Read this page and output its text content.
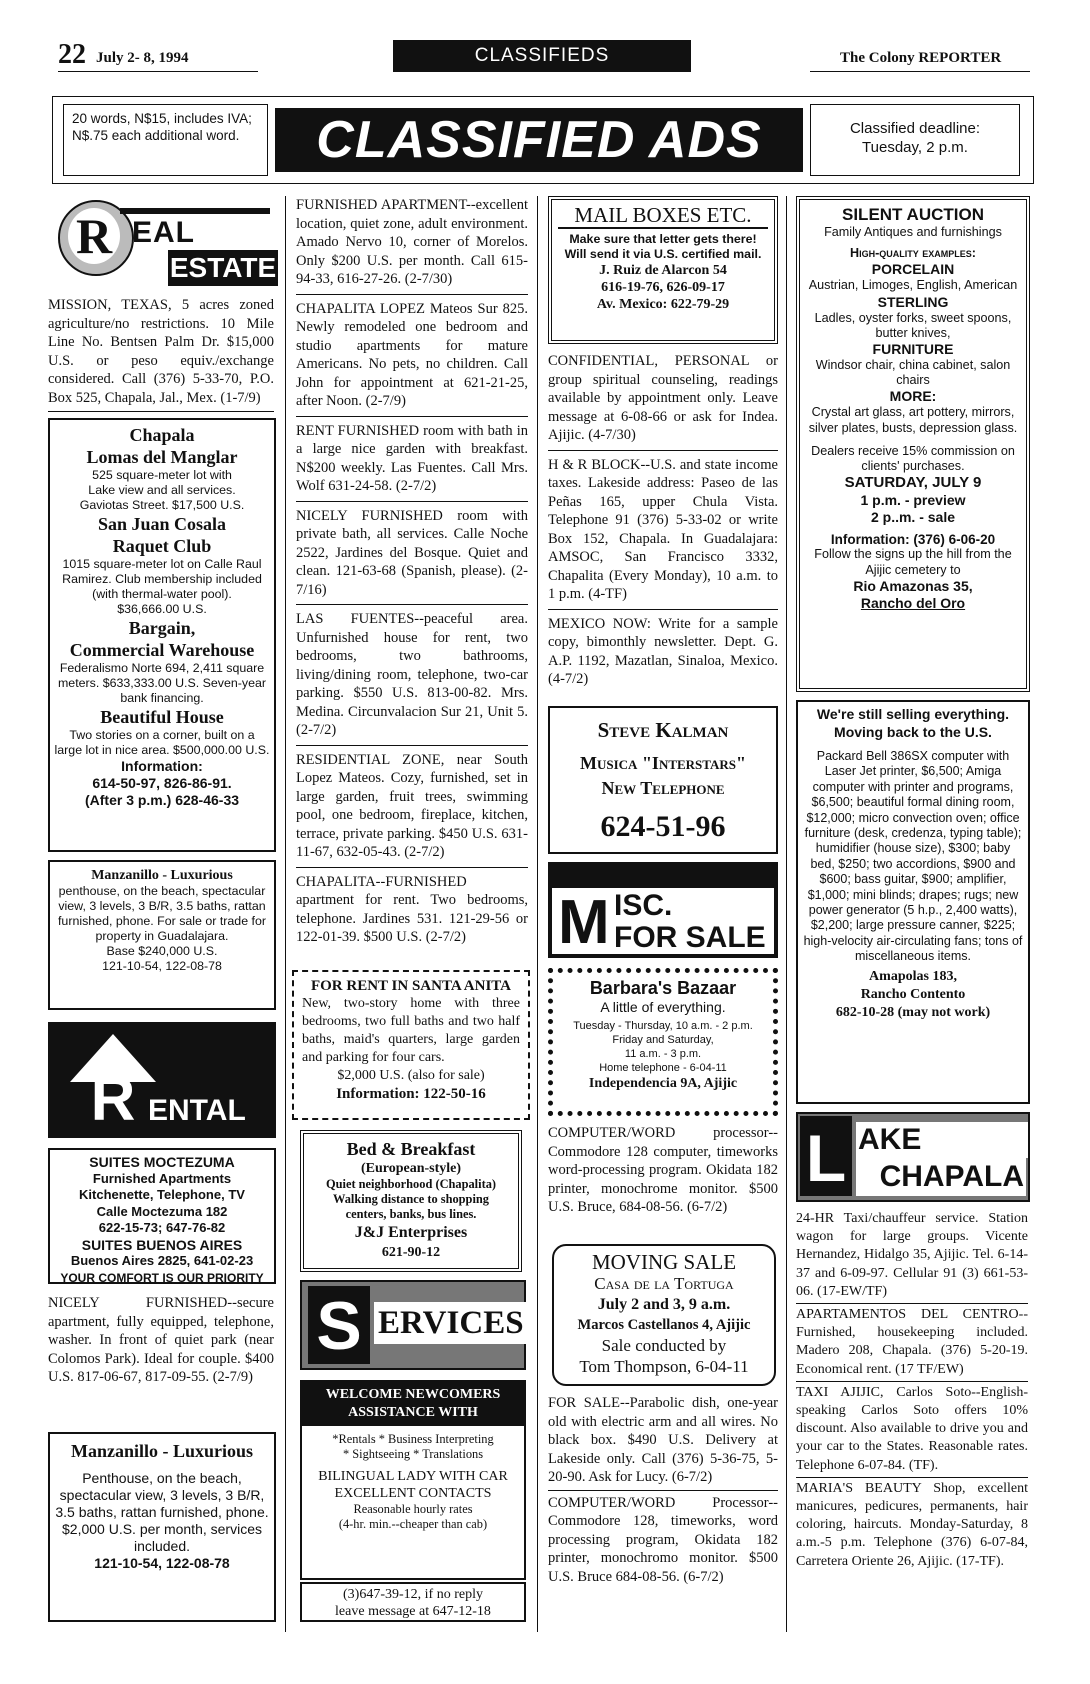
22 July 2- 8, 1994	CLASSIFIEDS	The Colony REPORTER
20 words, N$15, includes IVA; N$.75 each additional word.	CLASSIFIED ADS	Classified deadline:
Tuesday, 2 p.m.
R EAL
ESTATE
MISSION, TEXAS, 5 acres zoned agriculture/no restrictions. 10 Mile Line No. Bentsen Palm Dr. $15,000 U.S. or peso equiv./exchange considered. Call (376) 5-33-70, P.O. Box 525, Chapala, Jal., Mex. (1-7/9)
Chapala
Lomas del Manglar
525 square-meter lot with
Lake view and all services.
Gaviotas Street. $17,500 U.S.
San Juan Cosala
Raquet Club
1015 square-meter lot on Calle Raul Ramirez. Club membership included (with thermal-water pool).
$36,666.00 U.S.
Bargain,
Commercial Warehouse
Federalismo Norte 694, 2,411 square meters. $633,333.00 U.S. Seven-year bank financing.
Beautiful House
Two stories on a corner, built on a large lot in nice area. $500,000.00 U.S.
Information:
614-50-97, 826-86-91.
(After 3 p.m.) 628-46-33
Manzanillo - Luxurious
penthouse, on the beach, spectacular view, 3 levels, 3 B/R, 3.5 baths, rattan furnished, phone. For sale or trade for property in Guadalajara.
Base $240,000 U.S.
121-10-54, 122-08-78
R ENTAL
SUITES MOCTEZUMA
Furnished Apartments
Kitchenette, Telephone, TV
Calle Moctezuma 182
622-15-73; 647-76-82
SUITES BUENOS AIRES
Buenos Aires 2825, 641-02-23
YOUR COMFORT IS OUR PRIORITY
NICELY FURNISHED--secure apartment, fully equipped, telephone, washer. In front of quiet park (near Colomos Park). Ideal for couple. $400 U.S. 817-06-67, 817-09-55. (2-7/9)
Manzanillo - Luxurious
Penthouse, on the beach, spectacular view, 3 levels, 3 B/R, 3.5 baths, rattan furnished, phone. $2,000 U.S. per month, services included.
121-10-54, 122-08-78

FURNISHED APARTMENT--excellent location, quiet zone, adult environment. Amado Nervo 10, corner of Morelos. Only $200 U.S. per month. Call 615-94-33, 616-27-26. (2-7/30)

CHAPALITA LOPEZ Mateos Sur 825. Newly remodeled one bedroom and studio apartments for mature Americans. No pets, no children. Call John for appointment at 621-21-25, after Noon. (2-7/9)

RENT FURNISHED room with bath in a large nice garden with breakfast. N$200 weekly. Las Fuentes. Call Mrs. Wolf 631-24-58. (2-7/2)

NICELY FURNISHED room with private bath, all services. Calle Noche 2522, Jardines del Bosque. Quiet and clean. 121-63-68 (Spanish, please). (2-7/16)

LAS FUENTES--peaceful area. Unfurnished house for rent, two bedrooms, two bathrooms, living/dining room, telephone, two-car parking. $550 U.S. 813-00-82. Mrs. Medina. Circunvalacion Sur 21, Unit 5. (2-7/2)

RESIDENTIAL ZONE, near South Lopez Mateos. Cozy, furnished, set in large garden, fruit trees, swimming pool, one bedroom, fireplace, kitchen, terrace, private parking. $450 U.S. 631-11-67, 632-05-43. (2-7/2)

CHAPALITA--FURNISHED apartment for rent. Two bedrooms, telephone. Jardines 531. 121-29-56 or 122-01-39. $500 U.S. (2-7/2)

FOR RENT IN SANTA ANITA
New, two-story home with three bedrooms, two full baths and two half baths, maid's quarters, large garden and parking for four cars.
$2,000 U.S. (also for sale)
Information: 122-50-16
Bed & Breakfast
(European-style)
Quiet neighborhood (Chapalita)
Walking distance to shopping
centers, banks, bus lines.
J&J Enterprises
621-90-12
S ERVICES
WELCOME NEWCOMERS
ASSISTANCE WITH
*Rentals * Business Interpreting
* Sightseeing * Translations
BILINGUAL LADY WITH CAR
EXCELLENT CONTACTS
Reasonable hourly rates
(4-hr. min.--cheaper than cab)
(3)647-39-12, if no reply
leave message at 647-12-18
MAIL BOXES ETC.
Make sure that letter gets there! Will send it via U.S. certified mail.
J. Ruiz de Alarcon 54
616-19-76, 626-09-17
Av. Mexico: 622-79-29

CONFIDENTIAL, PERSONAL or group spiritual counseling, readings available by appointment only. Leave message at 6-08-66 or ask for Indea. Ajijic. (4-7/30)

H & R BLOCK--U.S. and state income taxes. Lakeside address: Paseo de las Peñas 165, upper Chula Vista. Telephone 91 (376) 5-33-02 or write Box 152, Chapala. In Guadalajara: AMSOC, San Francisco 3332, Chapalita (Every Monday), 10 a.m. to 1 p.m. (4-TF)

MEXICO NOW: Write for a sample copy, bimonthly newsletter. Dept. G. A.P. 1192, Mazatlan, Sinaloa, Mexico. (4-7/2)

Steve Kalman
Musica "Interstars"
New Telephone
624-51-96
M ISC.
FOR SALE
Barbara's Bazaar
A little of everything.
Tuesday - Thursday, 10 a.m. - 2 p.m.
Friday and Saturday,
11 a.m. - 3 p.m.
Home telephone - 6-04-11
Independencia 9A, Ajijic
COMPUTER/WORD processor--Commodore 128 computer, timeworks word-processing program. Okidata 182 printer, monochrome monitor. $500 U.S. Bruce, 684-08-56. (6-7/2)
MOVING SALE
Casa de la Tortuga
July 2 and 3, 9 a.m.
Marcos Castellanos 4, Ajijic
Sale conducted by
Tom Thompson, 6-04-11

FOR SALE--Parabolic dish, one-year old with electric arm and all wires. No black box. $490 U.S. Delivery at Lakeside only. Call (376) 5-36-75, 5-20-90. Ask for Lucy. (6-7/2)

COMPUTER/WORD Processor--Commodore 128, timeworks, word processing program, Okidata 182 printer, monochromo monitor. $500 U.S. Bruce 684-08-56. (6-7/2)

SILENT AUCTION
Family Antiques and furnishings
High-quality examples:
PORCELAIN
Austrian, Limoges, English, American
STERLING
Ladles, oyster forks, sweet spoons, butter knives,
FURNITURE
Windsor chair, china cabinet, salon chairs
MORE:
Crystal art glass, art pottery, mirrors, silver plates, busts, depression glass.
Dealers receive 15% commission on clients' purchases.
SATURDAY, JULY 9
1 p.m. - preview
2 p..m. - sale
Information: (376) 6-06-20
Follow the signs up the hill from the Ajijic cemetery to
Rio Amazonas 35,
Rancho del Oro
We're still selling everything. Moving back to the U.S.
Packard Bell 386SX computer with Laser Jet printer, $6,500; Amiga computer with printer and programs, $6,500; beautiful formal dining room, $12,000; micro convection oven; office furniture (desk, credenza, typing table); humidifier (house size), $300; baby bed, $250; two accordions, $900 and $600; bass guitar, $900; amplifier, $1,000; mini blinds; drapes; rugs; new power generator (5 h.p., 2,400 watts), $2,200; large pressure canner, $225; high-velocity air-circulating fans; tons of miscellaneous items.
Amapolas 183,
Rancho Contento
682-10-28 (may not work)
L AKE
CHAPALA

24-HR Taxi/chauffeur service. Station wagon for large groups. Vicente Hernandez, Hidalgo 35, Ajijic. Tel. 6-14-37 and 6-09-97. Cellular 91 (3) 661-53-06. (17-EW/TF)

APARTAMENTOS DEL CENTRO--Furnished, housekeeping included. Madero 208, Chapala. (376) 5-20-19. Economical rent. (17 TF/EW)

TAXI AJIJIC, Carlos Soto--English-speaking Carlos Soto offers 10% discount. Also available to drive you and your car to the States. Reasonable rates. Telephone 6-07-84. (TF).

MARIA'S BEAUTY Shop, excellent manicures, pedicures, permanents, hair coloring, haircuts. Monday-Saturday, 8 a.m.-5 p.m. Telephone (376) 6-07-84, Carretera Oriente 26, Ajijic. (17-TF).
